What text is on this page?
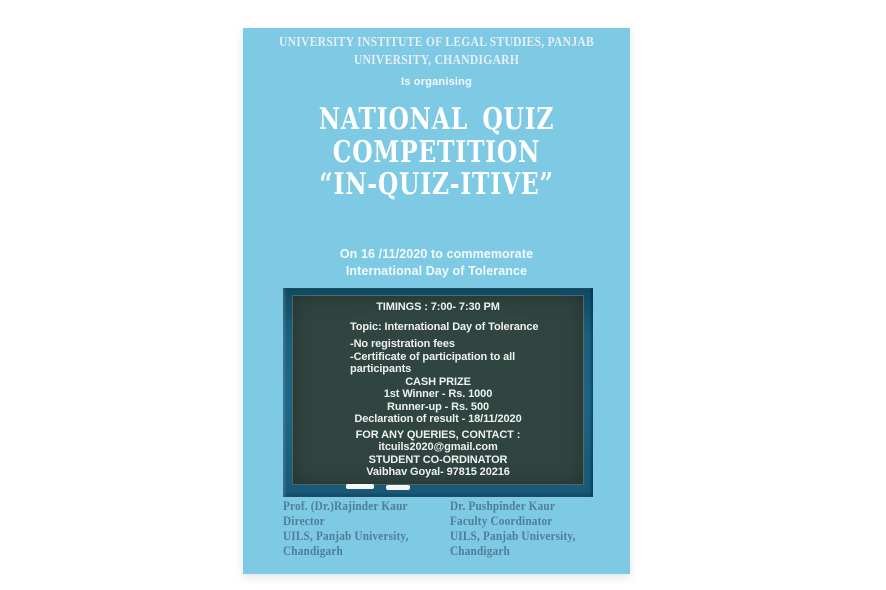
UNIVERSITY INSTITUTE OF LEGAL STUDIES, PANJAB
UNIVERSITY, CHANDIGARH
Is organising
NATIONAL QUIZ
COMPETITION
“IN-QUIZ-ITIVE”
On 16 /11/2020 to commemorate
International Day of Tolerance
TIMINGS : 7:00- 7:30 PM
Topic: International Day of Tolerance
-No registration fees
-Certificate of participation to all
participants
CASH PRIZE
1st Winner - Rs. 1000
Runner-up - Rs. 500
Declaration of result - 18/11/2020
FOR ANY QUERIES, CONTACT :
itcuils2020@gmail.com
STUDENT CO-ORDINATOR
Vaibhav Goyal- 97815 20216
Prof. (Dr.)Rajinder Kaur
Director
UILS, Panjab University,
Chandigarh
Dr. Pushpinder Kaur
Faculty Coordinator
UILS, Panjab University,
Chandigarh
